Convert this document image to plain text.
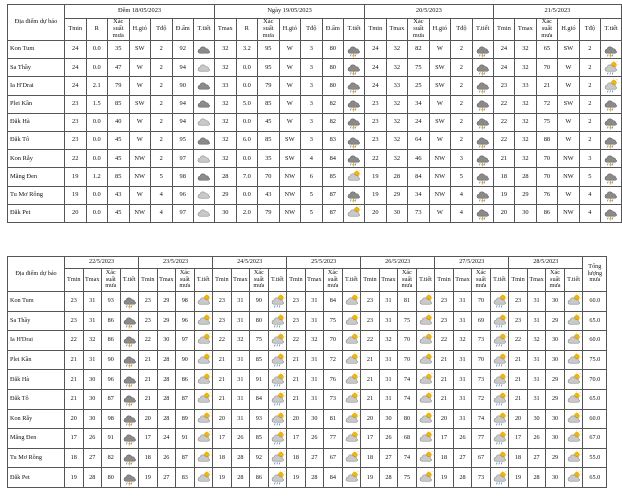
Địa điểm dự báo	Đêm 18/05/2023							Ngày 19/05/2023							20/5/2023						21/5/2023					
	Tmin	R	Xác suất mưa	H.gió	Tđộ	Đ.ẩm	T.tiết	Tmax	R	Xác suất mưa	H.gió	Tđộ	Đ.ẩm	T.tiết	Tmin	Tmax	Xác suất mưa	H.gió	Tđộ	T.tiết	Tmin	Tmax	Xác suất mưa	H.gió	Tđộ	T.tiết
Kon Tum	24	0.0	35	SW	2	92		32	3.2	95	W	3	80		24	32	82	W	2		24	32	65	SW	2	

Sa Thầy	24	0.0	47	W	2	94		32	0.0	95	W	3	80		24	32	75	SW	2		24	32	70	W	2	

Ia H'Drai	24	2.1	79	W	2	90		33	0.0	79	W	3	80		24	33	25	SW	2		23	33	21	W	2	

Plei Kần	23	1.5	85	SW	2	94		32	5.0	85	W	3	82		23	32	34	W	2		22	32	72	SW	2	

Đăk Hà	23	0.0	40	W	2	94		32	0.0	45	W	3	82		23	32	24	SW	2		22	32	75	W	2	

Đăk Tô	23	0.0	45	W	2	95		32	6.0	85	SW	3	83		23	32	64	W	2		22	32	88	W	2	

Kon Rẫy	22	0.0	45	NW	2	97		32	0.0	35	SW	4	84		22	32	46	NW	3		21	32	70	NW	3	

Măng Đen	19	1.2	85	NW	5	98		28	7.0	70	NW	6	85		19	28	84	NW	5		18	28	70	NW	5	

Tu Mơ Rông	19	0.0	43	W	4	96		29	0.0	43	NW	5	87		19	29	34	NW	4		19	29	76	W	4	

Đăk Pet	20	0.0	45	NW	4	97		30	2.0	79	NW	5	87		20	30	73	W	4		20	30	86	NW	4	
Địa điểm dự báo	22/5/2023				23/5/2023				24/5/2023				25/5/2023				26/5/2023				27/5/2023				28/5/2023				Tổng lượng mưa
	Tmin	Tmax	Xác suất mưa	T.tiết	Tmin	Tmax	Xác suất mưa	T.tiết	Tmin	Tmax	Xác suất mưa	T.tiết	Tmin	Tmax	Xác suất mưa	T.tiết	Tmin	Tmax	Xác suất mưa	T.tiết	Tmin	Tmax	Xác suất mưa	T.tiết	Tmin	Tmax	Xác suất mưa	T.tiết	
Kon Tum	23	31	93		23	29	98		23	31	90		23	31	84		23	31	81		23	31	70		23	31	30		60.0
Sa Thầy	23	31	86		23	29	96		23	31	80		23	31	75		23	31	75		23	31	69		23	31	29		65.0
Ia H'Drai	22	32	86		22	30	97		22	32	75		22	32	70		22	32	70		22	32	73		22	32	30		60.0
Plei Kần	21	31	90		21	28	90		21	31	85		21	31	72		21	31	70		21	31	70		21	31	30		75.0
Đăk Hà	21	30	96		21	28	86		21	31	91		21	31	76		21	31	74		21	31	73		21	31	29		70.0
Đăk Tô	21	30	87		21	28	87		21	31	84		21	31	73		21	31	74		21	31	72		21	31	29		65.0
Kon Rẫy	20	30	98		20	28	89		20	31	93		20	30	81		20	30	80		20	31	74		20	30	30		60.0
Măng Đen	17	26	91		17	24	91		17	26	85		17	26	77		17	26	68		17	26	77		17	26	30		67.0
Tu Mơ Rông	18	27	82		18	26	87		18	28	92		18	27	67		18	27	74		18	27	67		18	27	29		55.0
Đăk Pet	19	28	80		19	27	83		19	28	86		19	28	84		19	28	75		19	28	73		19	28	30		65.0
